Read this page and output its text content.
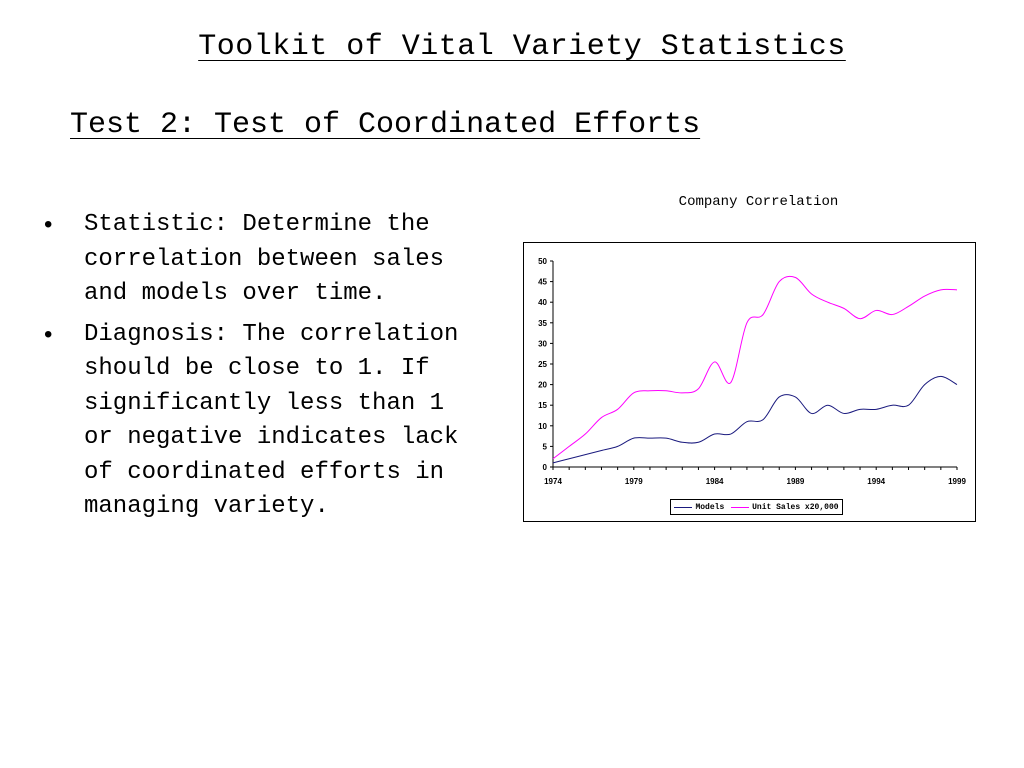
Toolkit of Vital Variety Statistics
Test 2: Test of Coordinated Efforts
• Statistic: Determine the correlation between sales and models over time.
• Diagnosis: The correlation should be close to 1. If significantly less than 1 or negative indicates lack of coordinated efforts in managing variety.
Company Correlation
0
5
10
15
20
25
30
35
40
45
50
1974	1979	1984	1989	1994	1999
Models	Unit Sales x20,000
